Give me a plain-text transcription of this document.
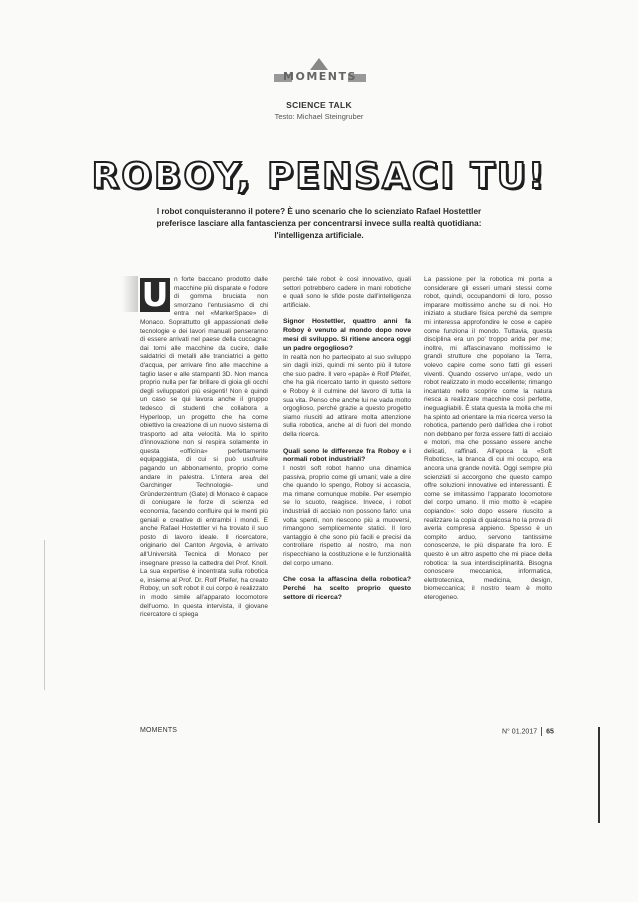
MOMENTS
SCIENCE TALK
Testo: Michael Steingruber
ROBOY, PENSACI TU!

I robot conquisteranno il potere? È uno scenario che lo scienziato Rafael Hostettler preferisce lasciare alla fantascienza per concentrarsi invece sulla realtà quotidiana: l'intelligenza artificiale.

U n forte baccano prodotto dalle macchine più disparate e l'odore di gomma bruciata non smorzano l'entusiasmo di chi entra nel «MarkerSpace» di Monaco. Soprattutto gli appassionati delle tecnologie e dei lavori manuali penseranno di essere arrivati nel paese della cuccagna: dai torni alle macchine da cucire, dalle saldatrici di metalli alle tranciatrici a getto d'acqua, per arrivare fino alle macchine a taglio laser e alle stampanti 3D. Non manca proprio nulla per far brillare di gioia gli occhi degli sviluppatori più esigenti! Non è quindi un caso se qui lavora anche il gruppo tedesco di studenti che collabora a Hyperloop, un progetto che ha come obiettivo la creazione di un nuovo sistema di trasporto ad alta velocità. Ma lo spirito d'innovazione non si respira solamente in questa «officina» perfettamente equipaggiata, di cui si può usufruire pagando un abbonamento, proprio come andare in palestra. L'intera area del Garchinger Technologie- und Gründerzentrum (Gate) di Monaco è capace di coniugare le forze di scienza ed economia, facendo confluire qui le menti più geniali e creative di entrambi i mondi. E anche Rafael Hostettler vi ha trovato il suo posto di lavoro ideale. Il ricercatore, originario del Canton Argovia, è arrivato all'Università Tecnica di Monaco per insegnare presso la cattedra del Prof. Knoll. La sua expertise è incentrata sulla robotica e, insieme al Prof. Dr. Rolf Pfeifer, ha creato Roboy, un soft robot il cui corpo è realizzato in modo simile all'apparato locomotore dell'uomo. In questa intervista, il giovane ricercatore ci spiega

perché tale robot è così innovativo, quali settori potrebbero cadere in mani robotiche e quali sono le sfide poste dall'intelligenza artificiale.

Signor Hostettler, quattro anni fa Roboy è venuto al mondo dopo nove mesi di sviluppo. Si ritiene ancora oggi un padre orgoglioso?

In realtà non ho partecipato al suo sviluppo sin dagli inizi, quindi mi sento più il tutore che suo padre. Il vero «papà» è Rolf Pfeifer, che ha già ricercato tanto in questo settore e Roboy è il culmine del lavoro di tutta la sua vita. Penso che anche lui ne vada molto orgoglioso, perché grazie a questo progetto siamo riusciti ad attirare molta attenzione sulla robotica, anche al di fuori del mondo della ricerca.

Quali sono le differenze fra Roboy e i normali robot industriali?

I nostri soft robot hanno una dinamica passiva, proprio come gli umani; vale a dire che quando lo spengo, Roboy si accascia, ma rimane comunque mobile. Per esempio se lo scuoto, reagisce. Invece, i robot industriali di acciaio non possono farlo: una volta spenti, non riescono più a muoversi, rimangono semplicemente statici. Il loro vantaggio è che sono più facili e precisi da controllare rispetto al nostro, ma non rispecchiano la costituzione e le funzionalità del corpo umano.

Che cosa la affascina della robotica? Perché ha scelto proprio questo settore di ricerca?

La passione per la robotica mi porta a considerare gli esseri umani stessi come robot, quindi, occupandomi di loro, posso imparare moltissimo anche su di noi. Ho iniziato a studiare fisica perché da sempre mi interessa approfondire le cose e capire come funziona il mondo. Tuttavia, questa disciplina era un po' troppo arida per me; inoltre, mi affascinavano moltissimo le grandi strutture che popolano la Terra, volevo capire come sono fatti gli esseri viventi. Quando osservo un'ape, vedo un robot realizzato in modo eccellente; rimango incantato nello scoprire come la natura riesca a realizzare macchine così perfette, ineguagliabili. È stata questa la molla che mi ha spinto ad orientare la mia ricerca verso la robotica, partendo però dall'idea che i robot non debbano per forza essere fatti di acciaio e motori, ma che possano essere anche delicati, raffinati. All'epoca la «Soft Robotics», la branca di cui mi occupo, era ancora una grande novità. Oggi sempre più scienziati si accorgono che questo campo offre soluzioni innovative ed interessanti. È come se imitassimo l'apparato locomotore del corpo umano. Il mio motto è «capire copiando»: solo dopo essere riuscito a realizzare la copia di qualcosa ho la prova di averla compresa appieno. Spesso è un compito arduo, servono tantissime conoscenze, le più disparate fra loro. E questo è un altro aspetto che mi piace della robotica: la sua interdisciplinarità. Bisogna conoscere meccanica, informatica, elettrotecnica, medicina, design, biomeccanica; il nostro team è molto eterogeneo.

MOMENTS	N° 01.2017 65
